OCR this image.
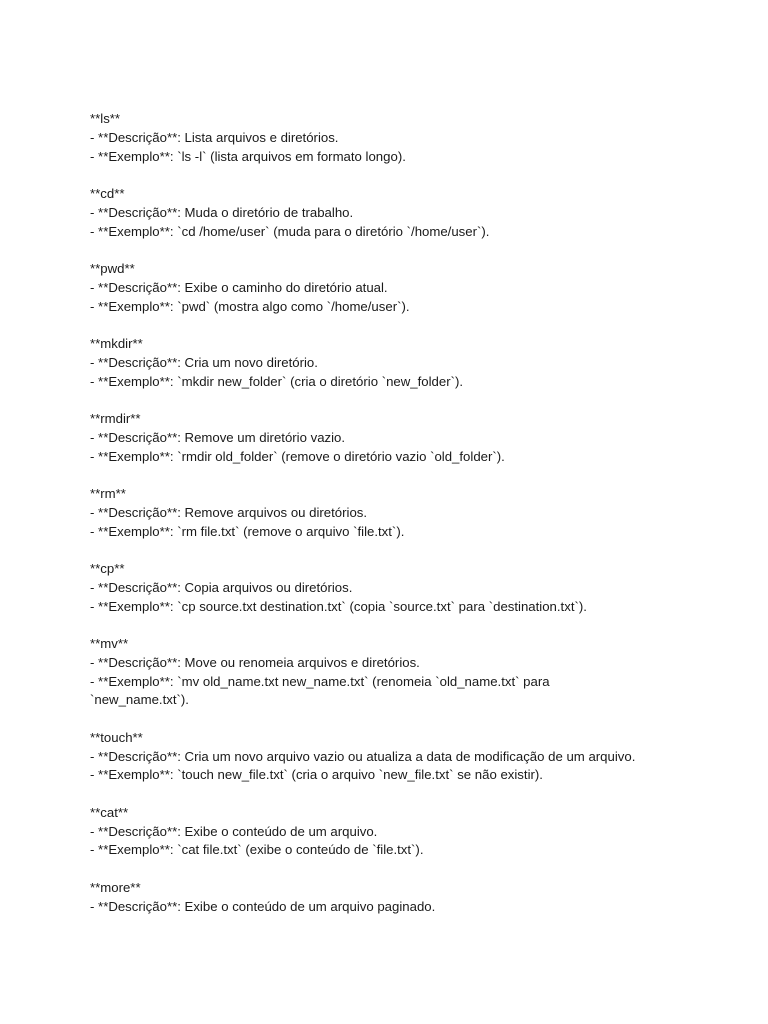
**ls**
- **Descrição**: Lista arquivos e diretórios.
- **Exemplo**: `ls -l` (lista arquivos em formato longo).
**cd**
- **Descrição**: Muda o diretório de trabalho.
- **Exemplo**: `cd /home/user` (muda para o diretório `/home/user`).
**pwd**
- **Descrição**: Exibe o caminho do diretório atual.
- **Exemplo**: `pwd` (mostra algo como `/home/user`).
**mkdir**
- **Descrição**: Cria um novo diretório.
- **Exemplo**: `mkdir new_folder` (cria o diretório `new_folder`).
**rmdir**
- **Descrição**: Remove um diretório vazio.
- **Exemplo**: `rmdir old_folder` (remove o diretório vazio `old_folder`).
**rm**
- **Descrição**: Remove arquivos ou diretórios.
- **Exemplo**: `rm file.txt` (remove o arquivo `file.txt`).
**cp**
- **Descrição**: Copia arquivos ou diretórios.
- **Exemplo**: `cp source.txt destination.txt` (copia `source.txt` para `destination.txt`).
**mv**
- **Descrição**: Move ou renomeia arquivos e diretórios.
- **Exemplo**: `mv old_name.txt new_name.txt` (renomeia `old_name.txt` para
`new_name.txt`).
**touch**
- **Descrição**: Cria um novo arquivo vazio ou atualiza a data de modificação de um arquivo.
- **Exemplo**: `touch new_file.txt` (cria o arquivo `new_file.txt` se não existir).
**cat**
- **Descrição**: Exibe o conteúdo de um arquivo.
- **Exemplo**: `cat file.txt` (exibe o conteúdo de `file.txt`).
**more**
- **Descrição**: Exibe o conteúdo de um arquivo paginado.
